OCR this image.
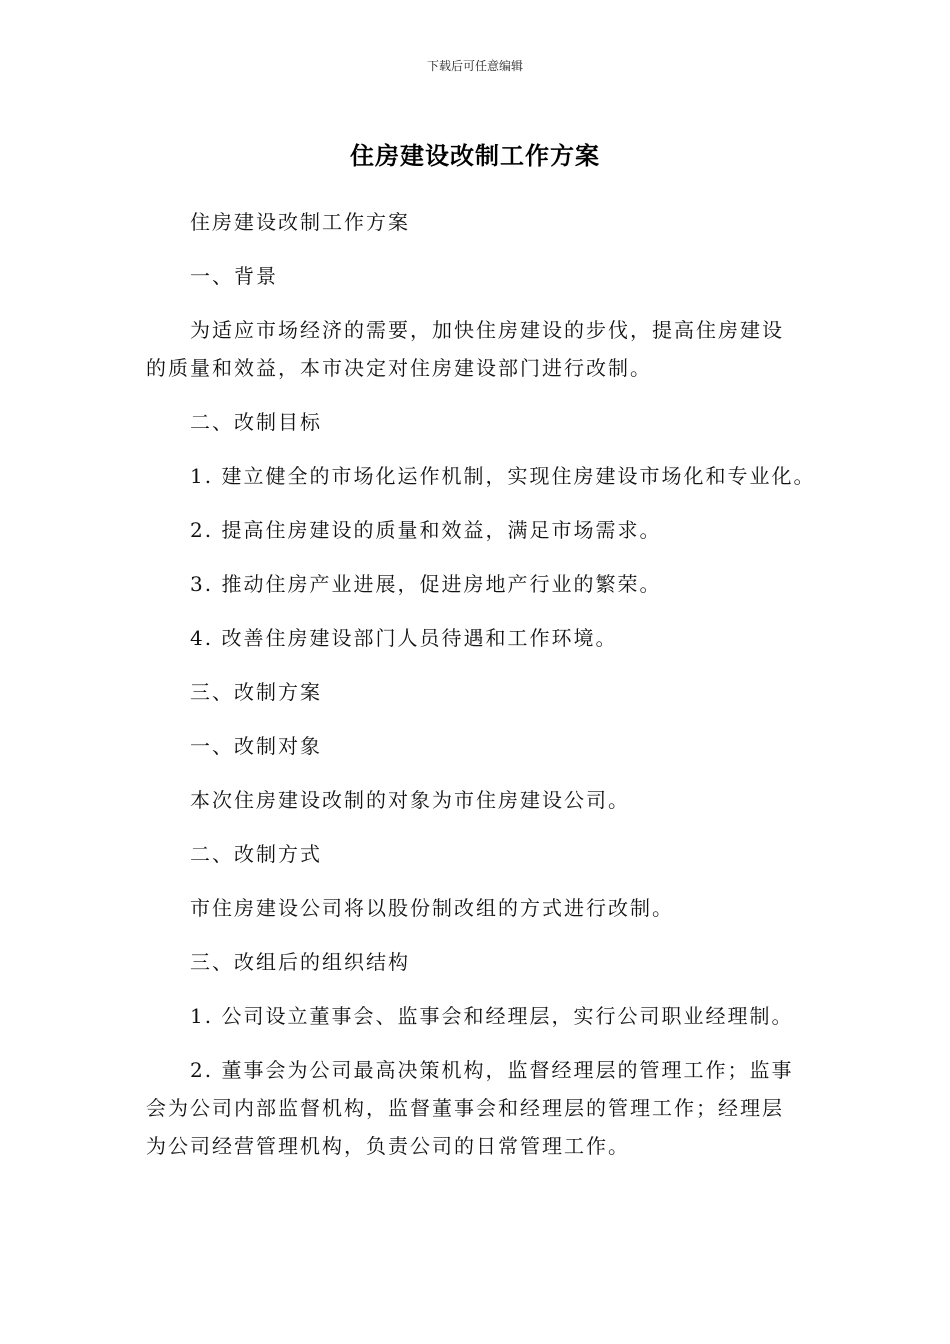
下载后可任意编辑
住房建设改制工作方案
住房建设改制工作方案
一、背景
为适应市场经济的需要，加快住房建设的步伐，提高住房建设
的质量和效益，本市决定对住房建设部门进行改制。
二、改制目标
1. 建立健全的市场化运作机制，实现住房建设市场化和专业化。
2. 提高住房建设的质量和效益，满足市场需求。
3. 推动住房产业进展，促进房地产行业的繁荣。
4. 改善住房建设部门人员待遇和工作环境。
三、改制方案
一、改制对象
本次住房建设改制的对象为市住房建设公司。
二、改制方式
市住房建设公司将以股份制改组的方式进行改制。
三、改组后的组织结构
1. 公司设立董事会、监事会和经理层，实行公司职业经理制。
2. 董事会为公司最高决策机构，监督经理层的管理工作；监事
会为公司内部监督机构，监督董事会和经理层的管理工作；经理层
为公司经营管理机构，负责公司的日常管理工作。
